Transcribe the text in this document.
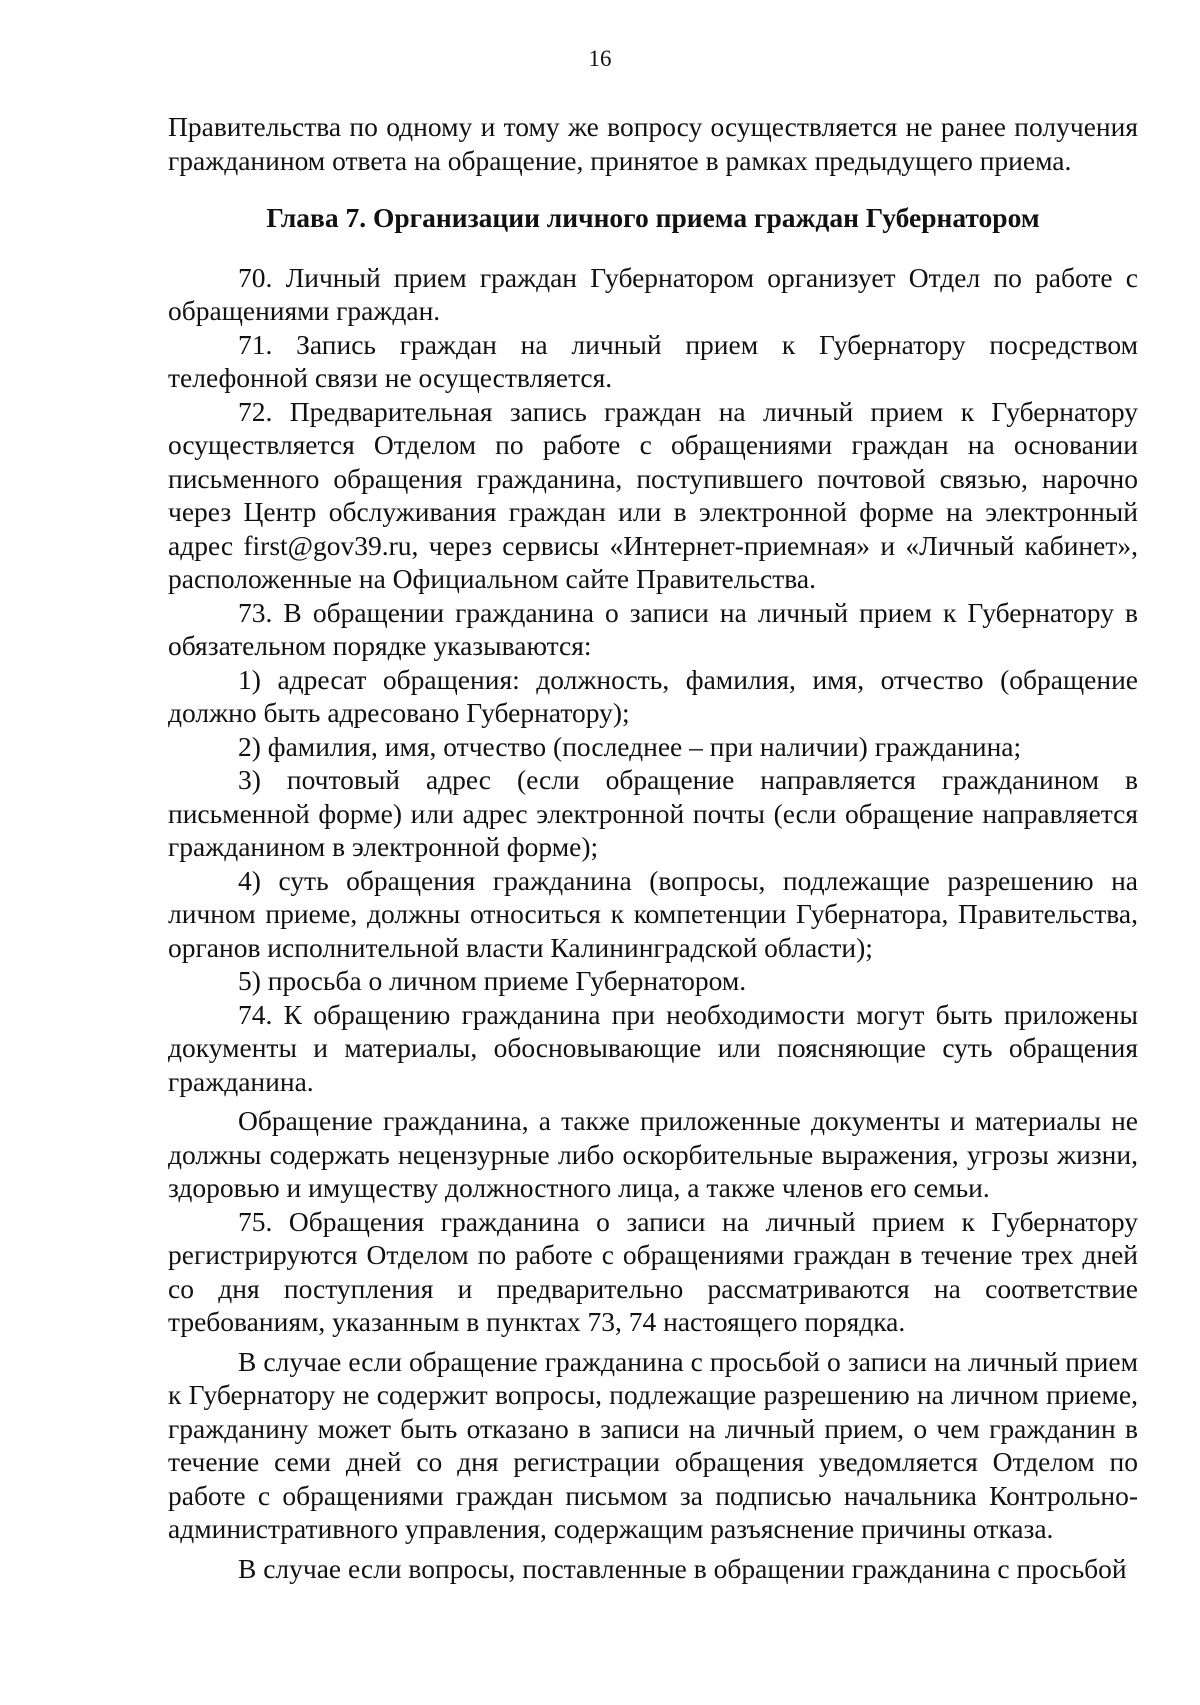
16

Правительства по одному и тому же вопросу осуществляется не ранее получения гражданином ответа на обращение, принятое в рамках предыдущего приема.

Глава 7. Организации личного приема граждан Губернатором

70. Личный прием граждан Губернатором организует Отдел по работе с обращениями граждан.

71. Запись граждан на личный прием к Губернатору посредством телефонной связи не осуществляется.

72. Предварительная запись граждан на личный прием к Губернатору осуществляется Отделом по работе с обращениями граждан на основании письменного обращения гражданина, поступившего почтовой связью, нарочно через Центр обслуживания граждан или в электронной форме на электронный адрес first@gov39.ru, через сервисы «Интернет-приемная» и «Личный кабинет», расположенные на Официальном сайте Правительства.

73. В обращении гражданина о записи на личный прием к Губернатору в обязательном порядке указываются:

1) адресат обращения: должность, фамилия, имя, отчество (обращение должно быть адресовано Губернатору);

2) фамилия, имя, отчество (последнее – при наличии) гражданина;

3) почтовый адрес (если обращение направляется гражданином в письменной форме) или адрес электронной почты (если обращение направляется гражданином в электронной форме);

4) суть обращения гражданина (вопросы, подлежащие разрешению на личном приеме, должны относиться к компетенции Губернатора, Правительства, органов исполнительной власти Калининградской области);

5) просьба о личном приеме Губернатором.

74. К обращению гражданина при необходимости могут быть приложены документы и материалы, обосновывающие или поясняющие суть обращения гражданина.

Обращение гражданина, а также приложенные документы и материалы не должны содержать нецензурные либо оскорбительные выражения, угрозы жизни, здоровью и имуществу должностного лица, а также членов его семьи.

75. Обращения гражданина о записи на личный прием к Губернатору регистрируются Отделом по работе с обращениями граждан в течение трех дней со дня поступления и предварительно рассматриваются на соответствие требованиям, указанным в пунктах 73, 74 настоящего порядка.

В случае если обращение гражданина с просьбой о записи на личный прием к Губернатору не содержит вопросы, подлежащие разрешению на личном приеме, гражданину может быть отказано в записи на личный прием, о чем гражданин в течение семи дней со дня регистрации обращения уведомляется Отделом по работе с обращениями граждан письмом за подписью начальника Контрольно-административного управления, содержащим разъяснение причины отказа.

В случае если вопросы, поставленные в обращении гражданина с просьбой
